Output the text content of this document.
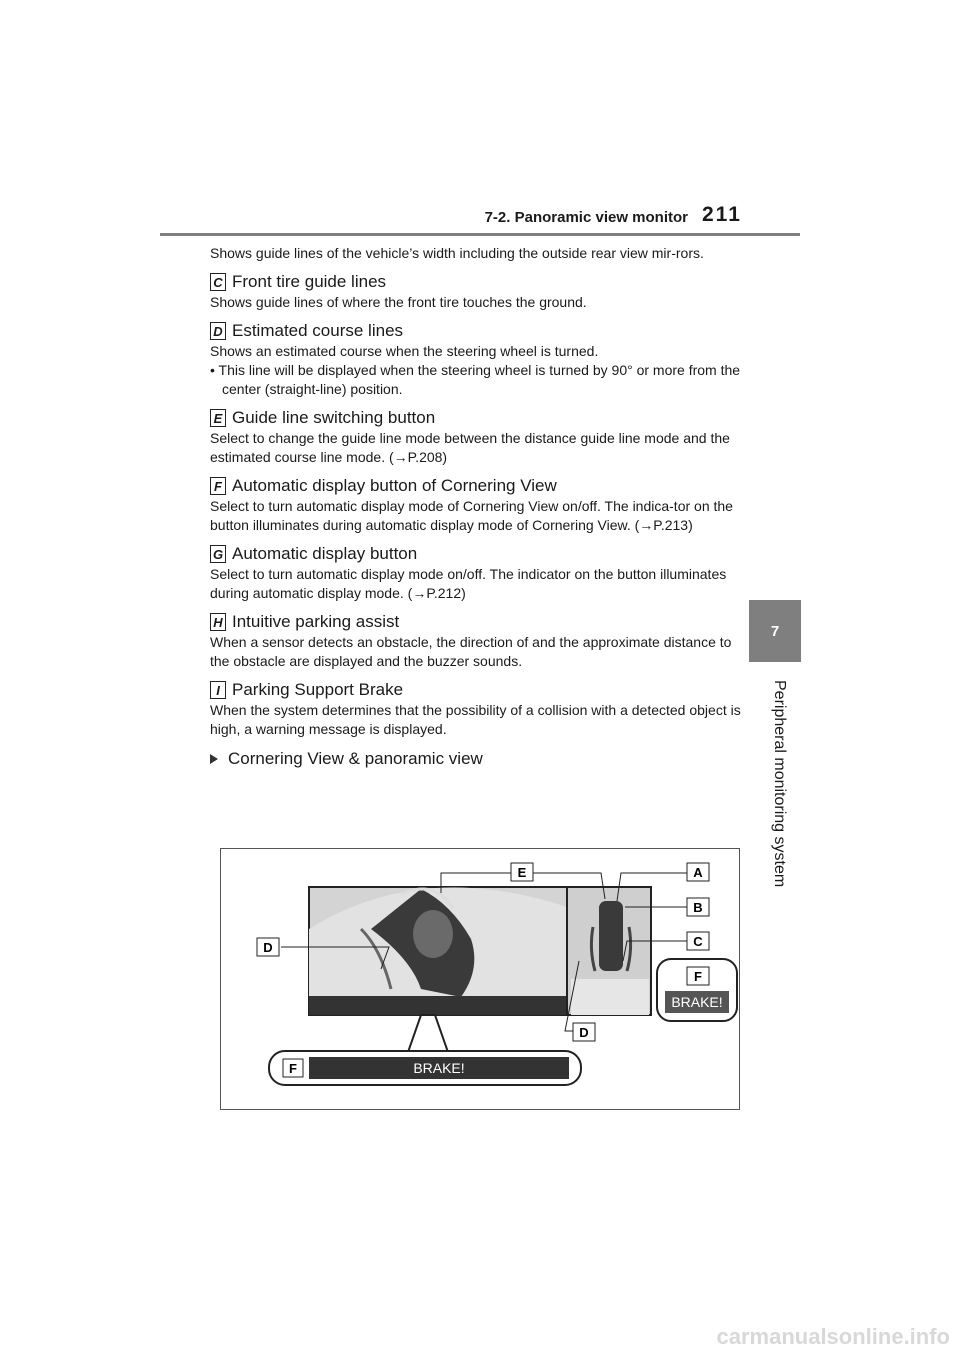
7-2. Panoramic view monitor 211
7
Peripheral monitoring system

Shows guide lines of the vehicle’s width including the outside rear view mir-rors.

C Front tire guide lines

Shows guide lines of where the front tire touches the ground.

D Estimated course lines

Shows an estimated course when the steering wheel is turned.

• This line will be displayed when the steering wheel is turned by 90° or more from the center (straight-line) position.

E Guide line switching button

Select to change the guide line mode between the distance guide line mode and the estimated course line mode. (→P.208)

F Automatic display button of Cornering View

Select to turn automatic display mode of Cornering View on/off. The indica-tor on the button illuminates during automatic display mode of Cornering View. (→P.213)

G Automatic display button

Select to turn automatic display mode on/off. The indicator on the button illuminates during automatic display mode. (→P.212)

H Intuitive parking assist

When a sensor detects an obstacle, the direction of and the approximate distance to the obstacle are displayed and the buzzer sounds.

I Parking Support Brake

When the system determines that the possibility of a collision with a detected object is high, a warning message is displayed.

Cornering View & panoramic view
E	A
B
C
D
D
F
BRAKE!
F	BRAKE!
carmanualsonline.info
